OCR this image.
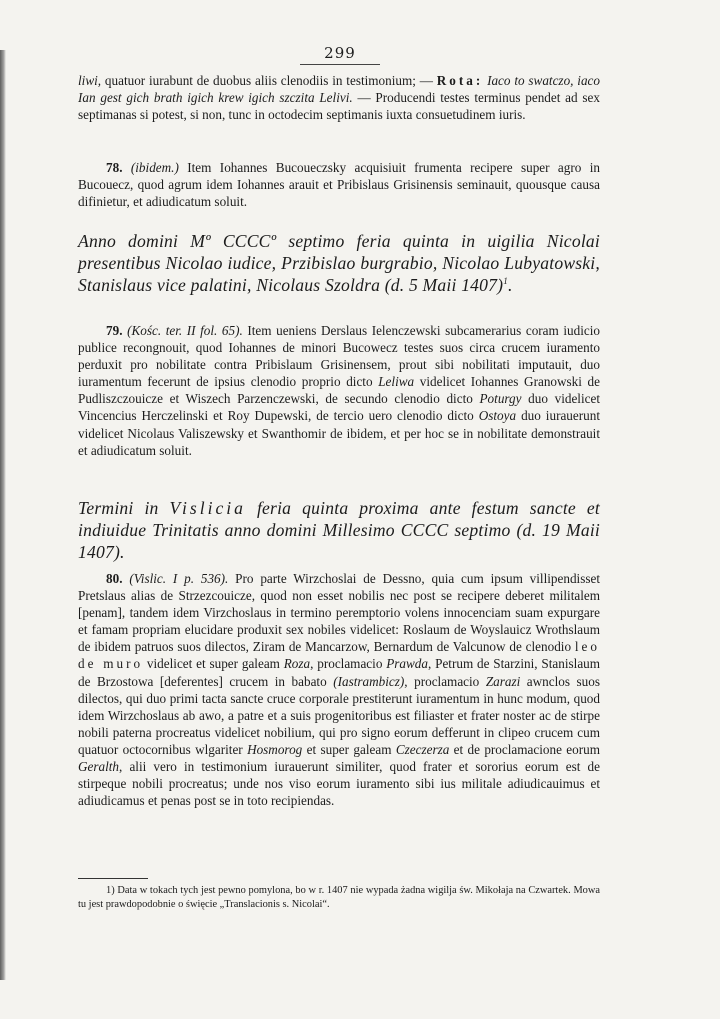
299

liwi, quatuor iurabunt de duobus aliis clenodiis in testimonium; — Rota: Iaco to swatczo, iaco Ian gest gich brath igich krew igich szczita Lelivi. — Producendi testes terminus pendet ad sex septimanas si potest, si non, tunc in octodecim septimanis iuxta consuetudinem iuris.

78. (ibidem.) Item Iohannes Bucoueczsky acquisiuit frumenta recipere super agro in Bucouecz, quod agrum idem Iohannes arauit et Pribislaus Grisinensis seminauit, quousque causa difinietur, et adiudicatum soluit.

Anno domini Mº CCCCº septimo feria quinta in uigilia Nicolai presentibus Nicolao iudice, Przibislao burgrabio, Nicolao Lubyatowski, Stanislaus vice palatini, Nicolaus Szoldra (d. 5 Maii 1407)$^1$.

79. (Kośc. ter. II fol. 65). Item ueniens Derslaus Ielenczewski subcamerarius coram iudicio publice recongnouit, quod Iohannes de minori Bucowecz testes suos circa crucem iuramento perduxit pro nobilitate contra Pribislaum Grisinensem, prout sibi nobilitati imputauit, duo iuramentum fecerunt de ipsius clenodio proprio dicto Leliwa videlicet Iohannes Granowski de Pudliszczouicze et Wiszech Parzenczewski, de secundo clenodio dicto Poturgy duo videlicet Vincencius Herczelinski et Roy Dupewski, de tercio uero clenodio dicto Ostoya duo iurauerunt videlicet Nicolaus Valiszewsky et Swanthomir de ibidem, et per hoc se in nobilitate demonstrauit et adiudicatum soluit.

Termini in Vislicia feria quinta proxima ante festum sancte et indiuidue Trinitatis anno domini Millesimo CCCC septimo (d. 19 Maii 1407).

80. (Vislic. I p. 536). Pro parte Wirzchoslai de Dessno, quia cum ipsum villipendisset Pretslaus alias de Strzezcouicze, quod non esset nobilis nec post se recipere deberet militalem [penam], tandem idem Virzchoslaus in termino peremptorio volens innocenciam suam expurgare et famam propriam elucidare produxit sex nobiles videlicet: Roslaum de Woyslauicz Wrothslaum de ibidem patruos suos dilectos, Ziram de Mancarzow, Bernardum de Valcunow de clenodio leo de muro videlicet et super galeam Roza, proclamacio Prawda, Petrum de Starzini, Stanislaum de Brzostowa [deferentes] crucem in babato (Iastrambicz), proclamacio Zarazi awnclos suos dilectos, qui duo primi tacta sancte cruce corporale prestiterunt iuramentum in hunc modum, quod idem Wirzchoslaus ab awo, a patre et a suis progenitoribus est filiaster et frater noster ac de stirpe nobili paterna procreatus videlicet nobilium, qui pro signo eorum defferunt in clipeo crucem cum quatuor octocornibus wlgariter Hosmorog et super galeam Czeczerza et de proclamacione eorum Geralth, alii vero in testimonium iurauerunt similiter, quod frater et sororius eorum est de stirpeque nobili procreatus; unde nos viso eorum iuramento sibi ius militale adiudicauimus et adiudicamus et penas post se in toto recipiendas.

1) Data w tokach tych jest pewno pomylona, bo w r. 1407 nie wypada żadna wigilja św. Mikołaja na Czwartek. Mowa tu jest prawdopodobnie o święcie „Translacionis s. Nicolai“.
